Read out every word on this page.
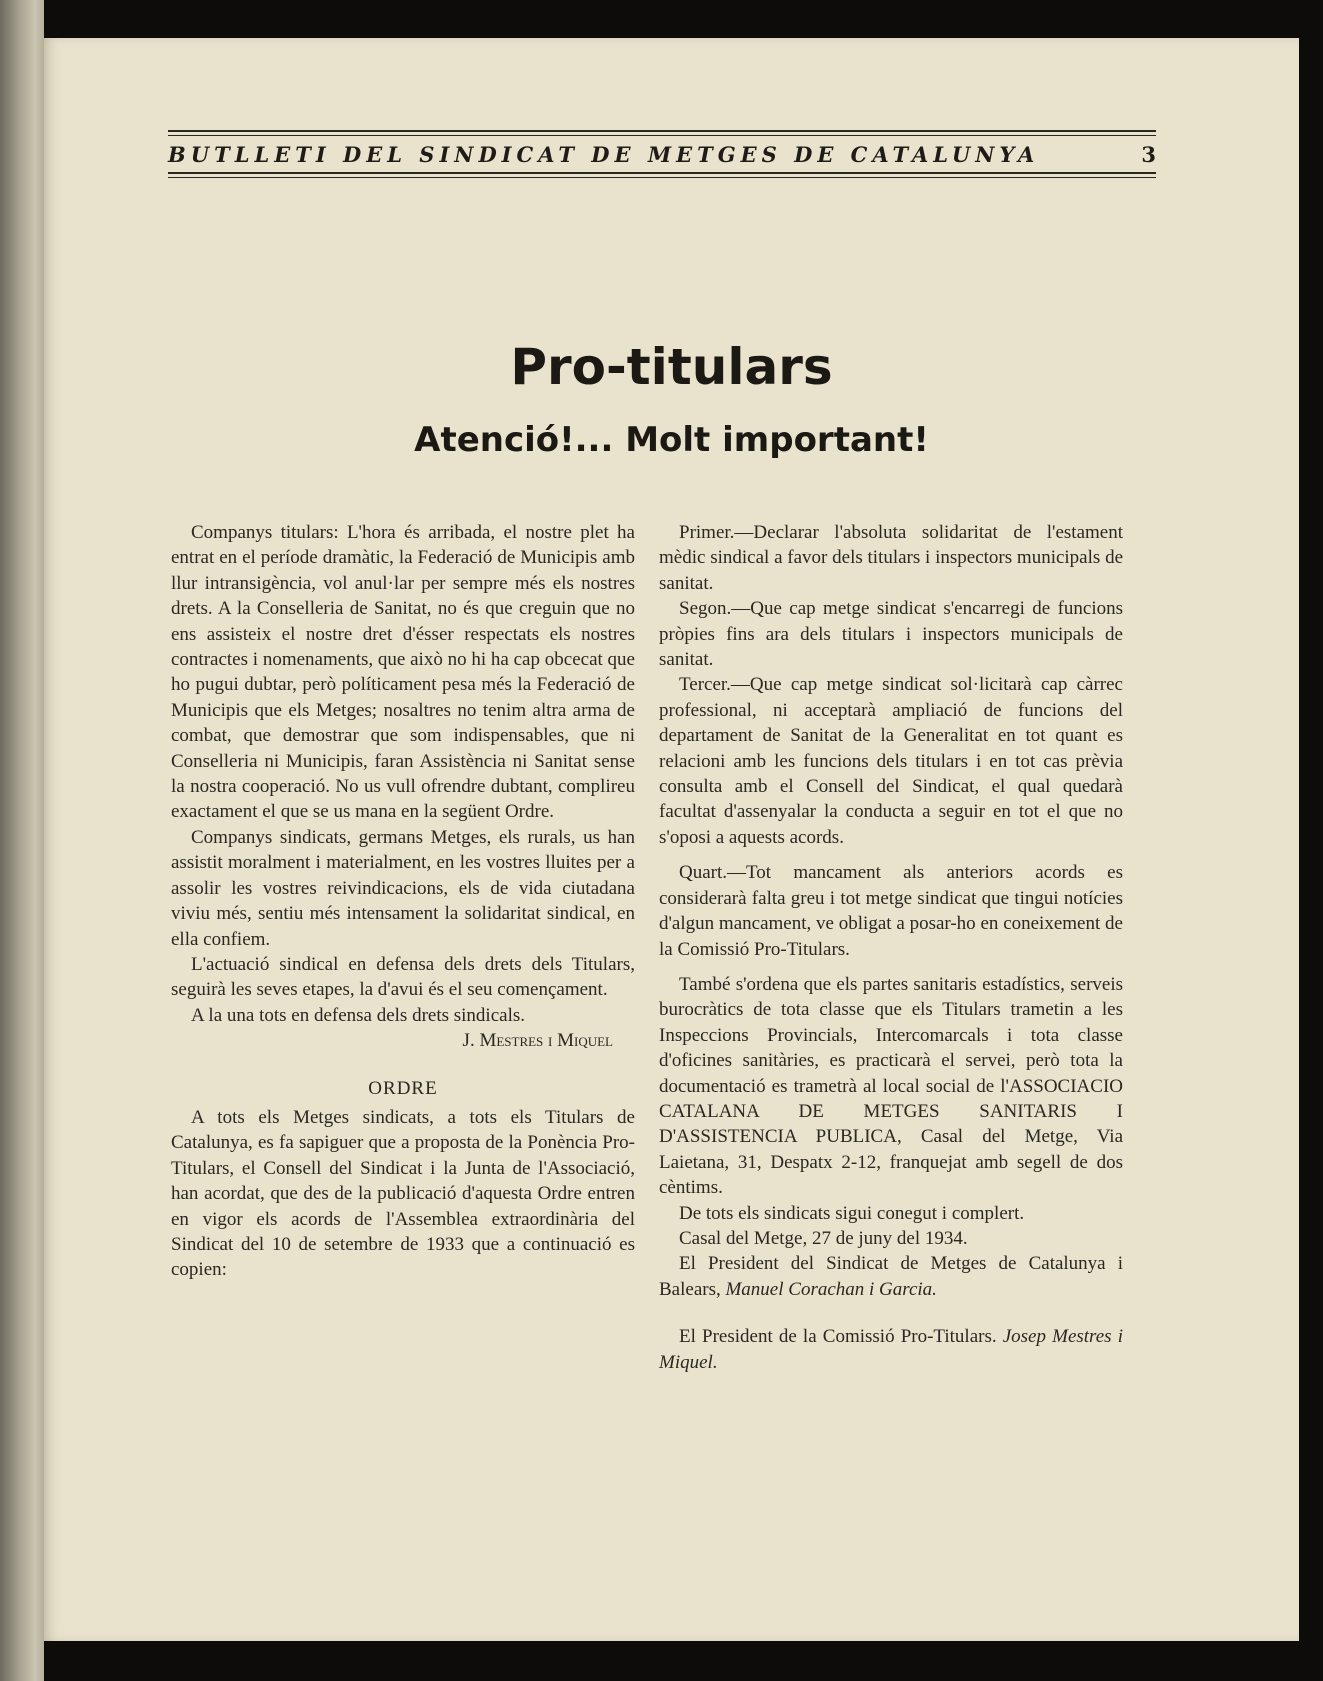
BUTLLETI DEL SINDICAT DE METGES DE CATALUNYA	3
Pro-titulars
Atenció!... Molt important!

Companys titulars: L'hora és arribada, el nostre plet ha entrat en el període dramàtic, la Federació de Municipis amb llur intransigència, vol anul·lar per sempre més els nostres drets. A la Conselleria de Sanitat, no és que creguin que no ens assisteix el nostre dret d'ésser respectats els nostres contractes i nomenaments, que això no hi ha cap obcecat que ho pugui dubtar, però políticament pesa més la Federació de Municipis que els Metges; nosaltres no tenim altra arma de combat, que demostrar que som indispensables, que ni Conselleria ni Municipis, faran Assistència ni Sanitat sense la nostra cooperació. No us vull ofrendre dubtant, complireu exactament el que se us mana en la següent Ordre.

Companys sindicats, germans Metges, els rurals, us han assistit moralment i materialment, en les vostres lluites per a assolir les vostres reivindicacions, els de vida ciutadana viviu més, sentiu més intensament la solidaritat sindical, en ella confiem.

L'actuació sindical en defensa dels drets dels Titulars, seguirà les seves etapes, la d'avui és el seu començament.

A la una tots en defensa dels drets sindicals.

J. Mestres i Miquel

ORDRE

A tots els Metges sindicats, a tots els Titulars de Catalunya, es fa sapiguer que a proposta de la Ponència Pro-Titulars, el Consell del Sindicat i la Junta de l'Associació, han acordat, que des de la publicació d'aquesta Ordre entren en vigor els acords de l'Assemblea extraordinària del Sindicat del 10 de setembre de 1933 que a continuació es copien:

Primer.—Declarar l'absoluta solidaritat de l'estament mèdic sindical a favor dels titulars i inspectors municipals de sanitat.

Segon.—Que cap metge sindicat s'encarregi de funcions pròpies fins ara dels titulars i inspectors municipals de sanitat.

Tercer.—Que cap metge sindicat sol·licitarà cap càrrec professional, ni acceptarà ampliació de funcions del departament de Sanitat de la Generalitat en tot quant es relacioni amb les funcions dels titulars i en tot cas prèvia consulta amb el Consell del Sindicat, el qual quedarà facultat d'assenyalar la conducta a seguir en tot el que no s'oposi a aquests acords.

Quart.—Tot mancament als anteriors acords es considerarà falta greu i tot metge sindicat que tingui notícies d'algun mancament, ve obligat a posar-ho en coneixement de la Comissió Pro-Titulars.

També s'ordena que els partes sanitaris estadístics, serveis burocràtics de tota classe que els Titulars trametin a les Inspeccions Provincials, Intercomarcals i tota classe d'oficines sanitàries, es practicarà el servei, però tota la documentació es trametrà al local social de l'ASSOCIACIO CATALANA DE METGES SANITARIS I D'ASSISTENCIA PUBLICA, Casal del Metge, Via Laietana, 31, Despatx 2-12, franquejat amb segell de dos cèntims.

De tots els sindicats sigui conegut i complert.

Casal del Metge, 27 de juny del 1934.

El President del Sindicat de Metges de Catalunya i Balears, Manuel Corachan i Garcia.

El President de la Comissió Pro-Titulars. Josep Mestres i Miquel.
